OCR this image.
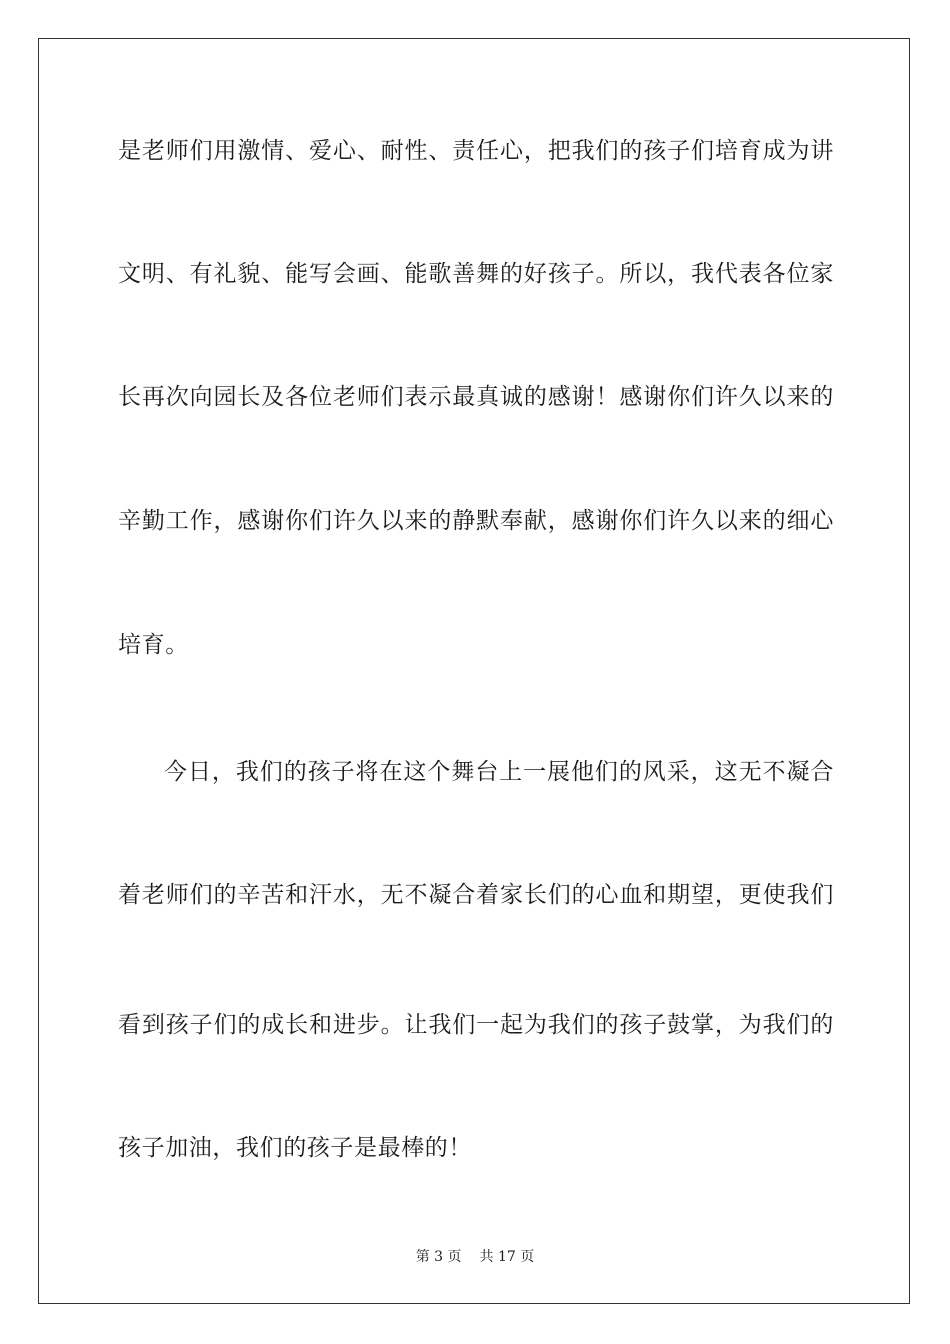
是老师们用激情、爱心、耐性、责任心，把我们的孩子们培育成为讲
文明、有礼貌、能写会画、能歌善舞的好孩子。所以，我代表各位家
长再次向园长及各位老师们表示最真诚的感谢！感谢你们许久以来的
辛勤工作，感谢你们许久以来的静默奉献，感谢你们许久以来的细心
培育。
今日，我们的孩子将在这个舞台上一展他们的风采，这无不凝合
着老师们的辛苦和汗水，无不凝合着家长们的心血和期望，更使我们
看到孩子们的成长和进步。让我们一起为我们的孩子鼓掌，为我们的
孩子加油，我们的孩子是最棒的！
第 3 页 共 17 页
